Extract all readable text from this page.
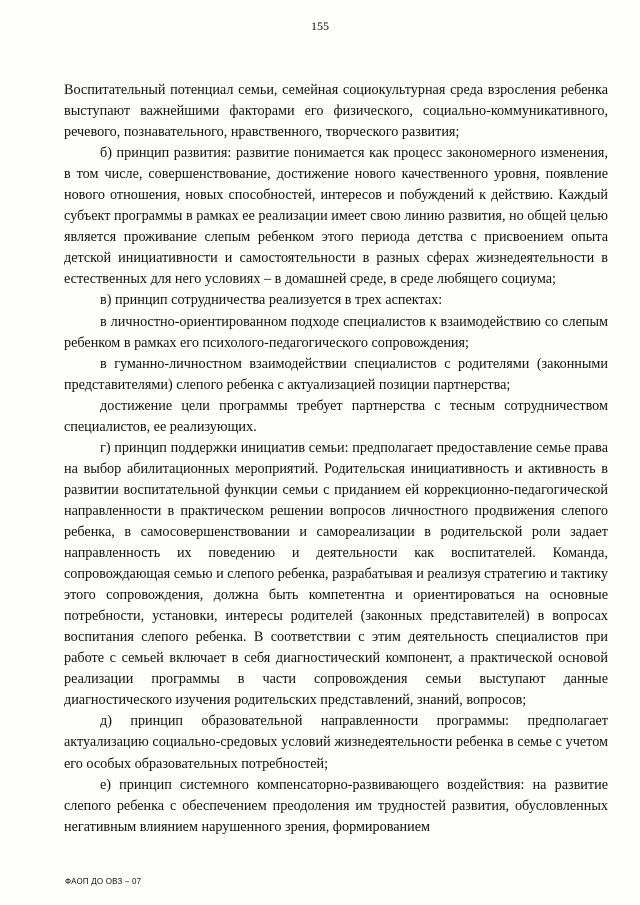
155

Воспитательный потенциал семьи, семейная социокультурная среда взросления ребенка выступают важнейшими факторами его физического, социально-коммуникативного, речевого, познавательного, нравственного, творческого развития;

б) принцип развития: развитие понимается как процесс закономерного изменения, в том числе, совершенствование, достижение нового качественного уровня, появление нового отношения, новых способностей, интересов и побуждений к действию. Каждый субъект программы в рамках ее реализации имеет свою линию развития, но общей целью является проживание слепым ребенком этого периода детства с присвоением опыта детской инициативности и самостоятельности в разных сферах жизнедеятельности в естественных для него условиях – в домашней среде, в среде любящего социума;

в) принцип сотрудничества реализуется в трех аспектах:

в личностно-ориентированном подходе специалистов к взаимодействию со слепым ребенком в рамках его психолого-педагогического сопровождения;

в гуманно-личностном взаимодействии специалистов с родителями (законными представителями) слепого ребенка с актуализацией позиции партнерства;

достижение цели программы требует партнерства с тесным сотрудничеством специалистов, ее реализующих.

г) принцип поддержки инициатив семьи: предполагает предоставление семье права на выбор абилитационных мероприятий. Родительская инициативность и активность в развитии воспитательной функции семьи с приданием ей коррекционно-педагогической направленности в практическом решении вопросов личностного продвижения слепого ребенка, в самосовершенствовании и самореализации в родительской роли задает направленность их поведению и деятельности как воспитателей. Команда, сопровождающая семью и слепого ребенка, разрабатывая и реализуя стратегию и тактику этого сопровождения, должна быть компетентна и ориентироваться на основные потребности, установки, интересы родителей (законных представителей) в вопросах воспитания слепого ребенка. В соответствии с этим деятельность специалистов при работе с семьей включает в себя диагностический компонент, а практической основой реализации программы в части сопровождения семьи выступают данные диагностического изучения родительских представлений, знаний, вопросов;

д) принцип образовательной направленности программы: предполагает актуализацию социально-средовых условий жизнедеятельности ребенка в семье с учетом его особых образовательных потребностей;

е) принцип системного компенсаторно-развивающего воздействия: на развитие слепого ребенка с обеспечением преодоления им трудностей развития, обусловленных негативным влиянием нарушенного зрения, формированием

ФАОП ДО ОВЗ – 07
